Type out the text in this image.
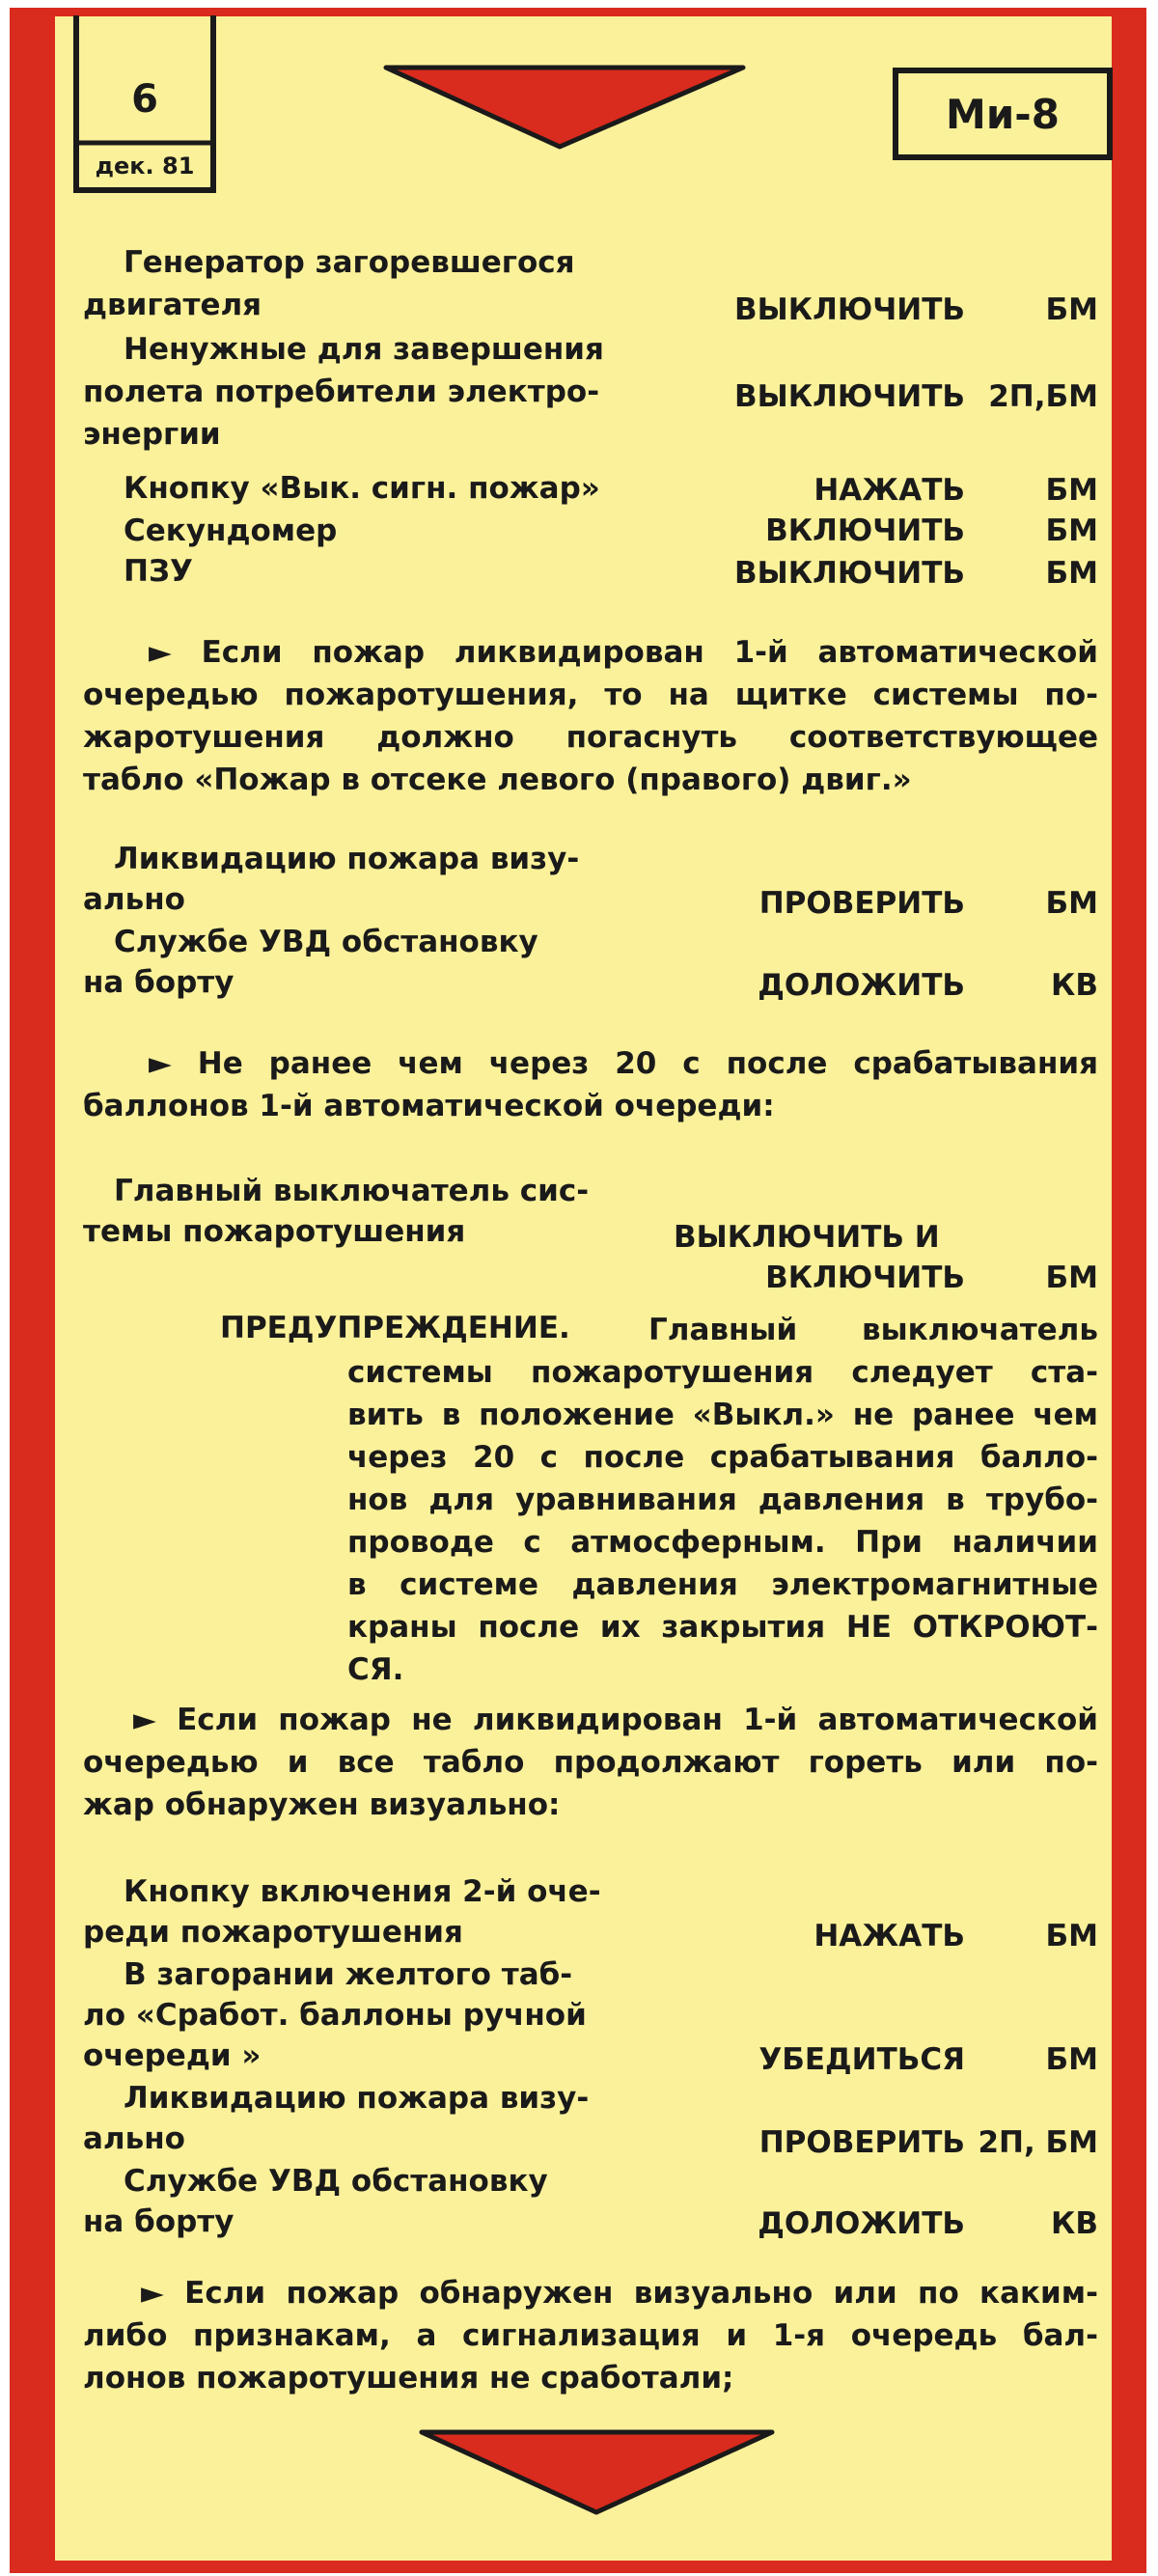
6
дек. 81
Ми-8
Генератор загоревшегося
двигателя	ВЫКЛЮЧИТЬ	БМ
Ненужные для завершения
полета потребители электро-
энергии
ВЫКЛЮЧИТЬ 2П,БМ
Кнопку «Вык. сигн. пожар»	НАЖАТЬ	БМ
Секундомер	ВКЛЮЧИТЬ	БМ
ПЗУ	ВЫКЛЮЧИТЬ	БМ
► Если пожар ликвидирован 1-й автоматической
очередью пожаротушения, то на щитке системы по-
жаротушения должно погаснуть соответствующее
табло «Пожар в отсеке левого (правого) двиг.»
Ликвидацию пожара визу-
ально	ПРОВЕРИТЬ	БМ
Службе УВД обстановку
на борту	ДОЛОЖИТЬ	КВ
► Не ранее чем через 20 с после срабатывания
баллонов 1-й автоматической очереди:
Главный выключатель сис-
темы пожаротушения	ВЫКЛЮЧИТЬ И
ВКЛЮЧИТЬ	БМ
ПРЕДУПРЕЖДЕНИЕ.	Главный выключатель
системы пожаротушения следует ста-
вить в положение «Выкл.» не ранее чем
через 20 с после срабатывания балло-
нов для уравнивания давления в трубо-
проводе с атмосферным. При наличии
в системе давления электромагнитные
краны после их закрытия НЕ ОТКРОЮТ-
СЯ.
► Если пожар не ликвидирован 1-й автоматической
очередью и все табло продолжают гореть или по-
жар обнаружен визуально:
Кнопку включения 2-й оче-
реди пожаротушения	НАЖАТЬ	БМ
В загорании желтого таб-
ло «Сработ. баллоны ручной
очереди »	УБЕДИТЬСЯ	БМ
Ликвидацию пожара визу-
ально	ПРОВЕРИТЬ 2П, БМ
Службе УВД обстановку
на борту	ДОЛОЖИТЬ	КВ
► Если пожар обнаружен визуально или по каким-
либо признакам, а сигнализация и 1-я очередь бал-
лонов пожаротушения не сработали;
